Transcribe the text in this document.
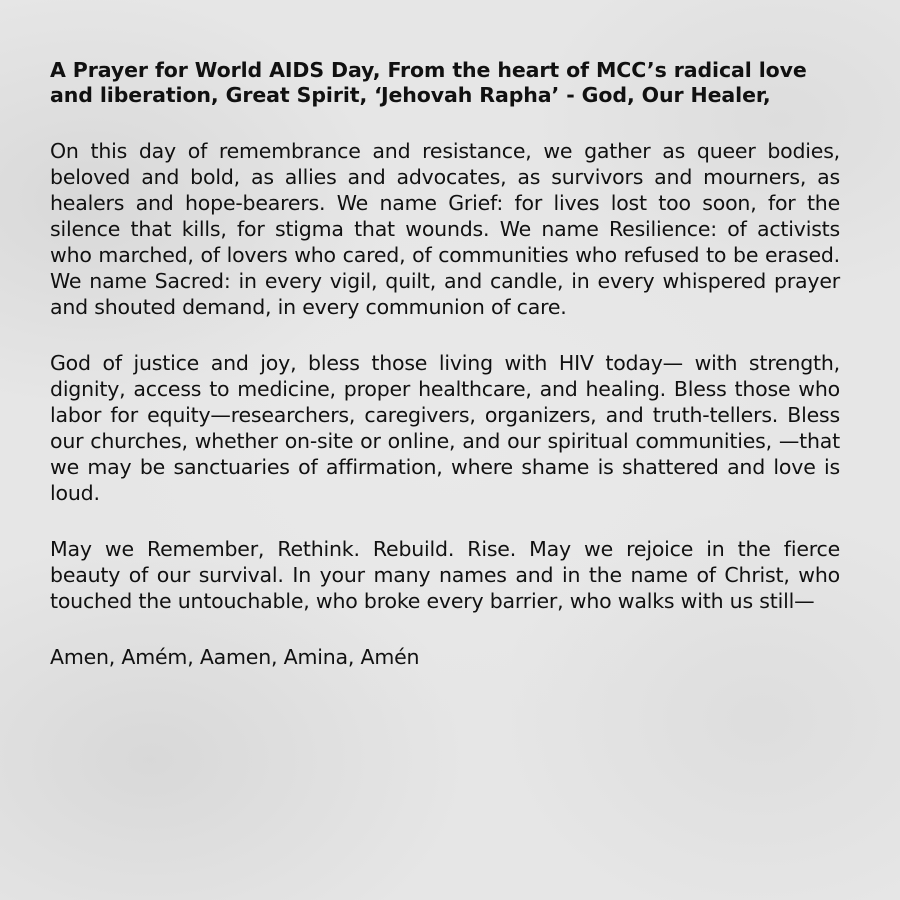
A Prayer for World AIDS Day, From the heart of MCC’s radical love and liberation, Great Spirit, ‘Jehovah Rapha’ - God, Our Healer,

On this day of remembrance and resistance, we gather as queer bodies, beloved and bold, as allies and advocates, as survivors and mourners, as healers and hope-bearers. We name Grief: for lives lost too soon, for the silence that kills, for stigma that wounds. We name Resilience: of activists who marched, of lovers who cared, of communities who refused to be erased. We name Sacred: in every vigil, quilt, and candle, in every whispered prayer and shouted demand, in every communion of care.

God of justice and joy, bless those living with HIV today— with strength, dignity, access to medicine, proper healthcare, and healing. Bless those who labor for equity—researchers, caregivers, organizers, and truth-tellers. Bless our churches, whether on-site or online, and our spiritual communities, —that we may be sanctuaries of affirmation, where shame is shattered and love is loud.

May we Remember, Rethink. Rebuild. Rise. May we rejoice in the fierce beauty of our survival. In your many names and in the name of Christ, who touched the untouchable, who broke every barrier, who walks with us still—

Amen, Amém, Aamen, Amina, Amén
